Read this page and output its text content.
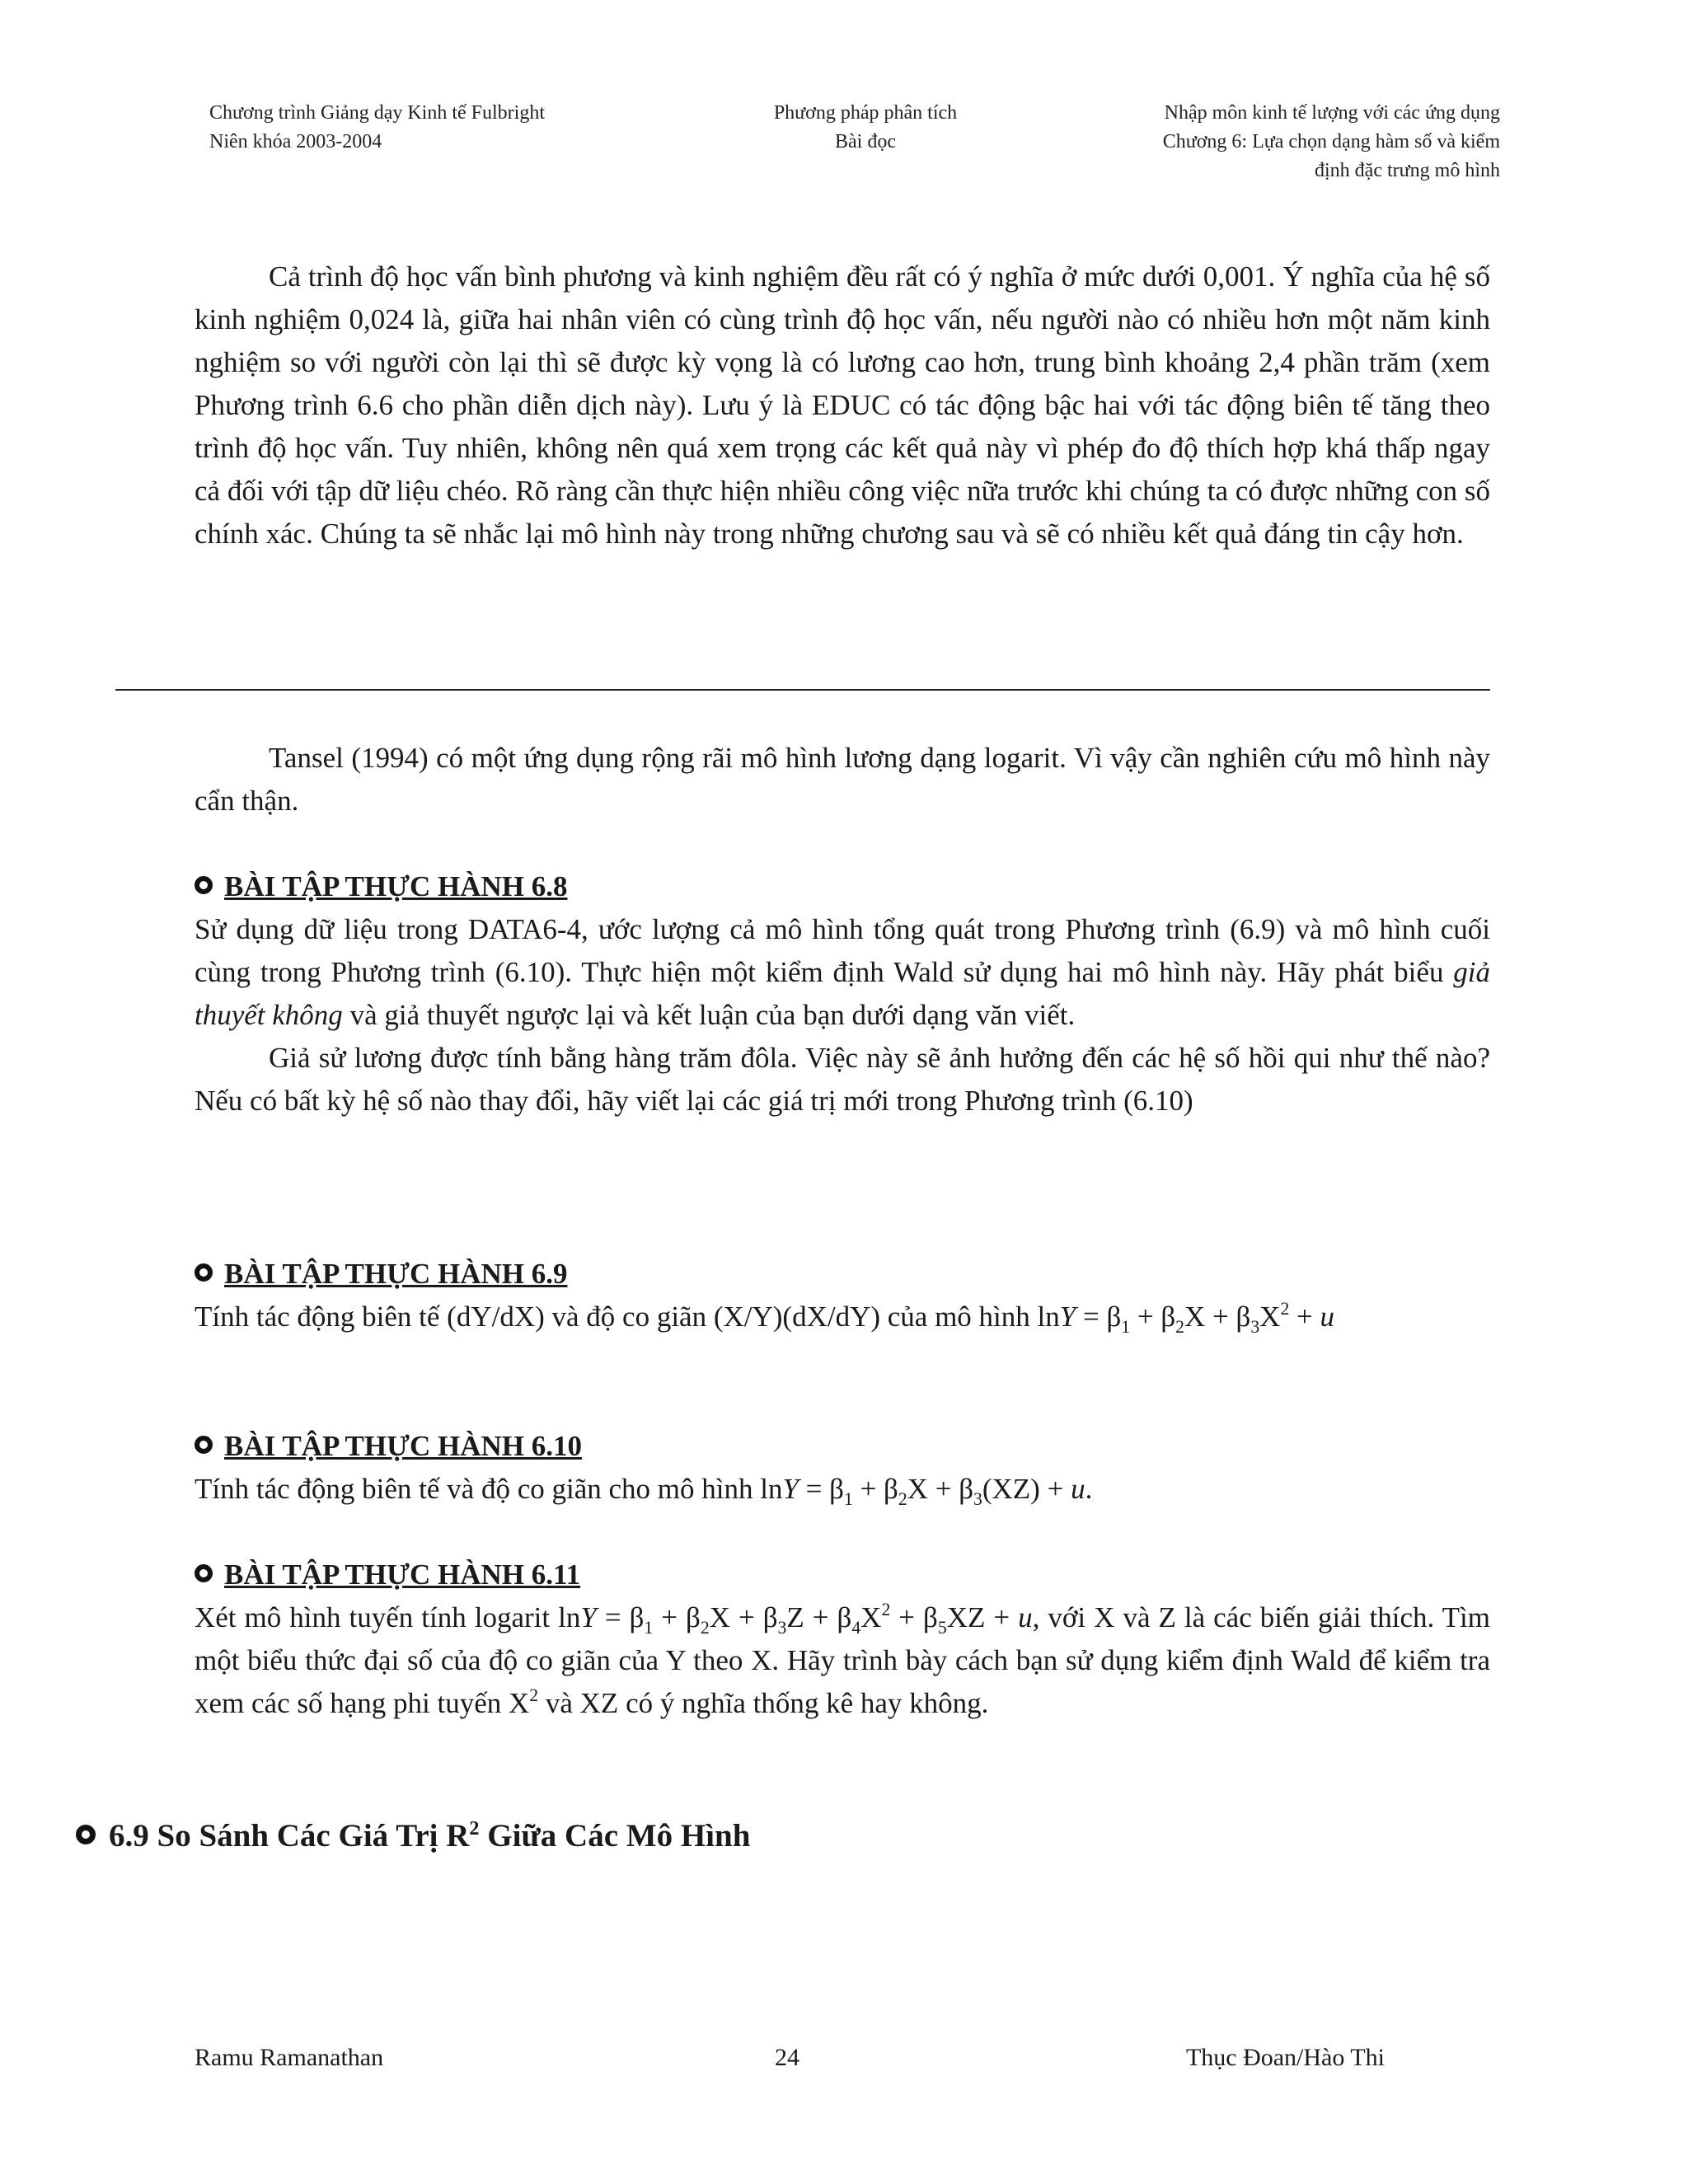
Chương trình Giảng dạy Kinh tế Fulbright
Niên khóa 2003-2004
Phương pháp phân tích
Bài đọc
Nhập môn kinh tế lượng với các ứng dụng
Chương 6: Lựa chọn dạng hàm số và kiểm
định đặc trưng mô hình

Cả trình độ học vấn bình phương và kinh nghiệm đều rất có ý nghĩa ở mức dưới 0,001. Ý nghĩa của hệ số kinh nghiệm 0,024 là, giữa hai nhân viên có cùng trình độ học vấn, nếu người nào có nhiều hơn một năm kinh nghiệm so với người còn lại thì sẽ được kỳ vọng là có lương cao hơn, trung bình khoảng 2,4 phần trăm (xem Phương trình 6.6 cho phần diễn dịch này). Lưu ý là EDUC có tác động bậc hai với tác động biên tế tăng theo trình độ học vấn. Tuy nhiên, không nên quá xem trọng các kết quả này vì phép đo độ thích hợp khá thấp ngay cả đối với tập dữ liệu chéo. Rõ ràng cần thực hiện nhiều công việc nữa trước khi chúng ta có được những con số chính xác. Chúng ta sẽ nhắc lại mô hình này trong những chương sau và sẽ có nhiều kết quả đáng tin cậy hơn.

Tansel (1994) có một ứng dụng rộng rãi mô hình lương dạng logarit. Vì vậy cần nghiên cứu mô hình này cẩn thận.

BÀI TẬP THỰC HÀNH 6.8

Sử dụng dữ liệu trong DATA6-4, ước lượng cả mô hình tổng quát trong Phương trình (6.9) và mô hình cuối cùng trong Phương trình (6.10). Thực hiện một kiểm định Wald sử dụng hai mô hình này. Hãy phát biểu giả thuyết không và giả thuyết ngược lại và kết luận của bạn dưới dạng văn viết.

Giả sử lương được tính bằng hàng trăm đôla. Việc này sẽ ảnh hưởng đến các hệ số hồi qui như thế nào? Nếu có bất kỳ hệ số nào thay đổi, hãy viết lại các giá trị mới trong Phương trình (6.10)

BÀI TẬP THỰC HÀNH 6.9

Tính tác động biên tế (dY/dX) và độ co giãn (X/Y)(dX/dY) của mô hình $\ln Y = \beta_1 + \beta_2X + \beta_3X^2 + u$

BÀI TẬP THỰC HÀNH 6.10

Tính tác động biên tế và độ co giãn cho mô hình $\ln Y = \beta_1 + \beta_2X + \beta_3(XZ) + u$.

BÀI TẬP THỰC HÀNH 6.11

Xét mô hình tuyến tính logarit $\ln Y = \beta_1 + \beta_2X + \beta_3Z + \beta_4X^2 + \beta_5XZ + u$, với X và Z là các biến giải thích. Tìm một biểu thức đại số của độ co giãn của Y theo X. Hãy trình bày cách bạn sử dụng kiểm định Wald để kiểm tra xem các số hạng phi tuyến $X^2$ và XZ có ý nghĩa thống kê hay không.

6.9 So Sánh Các Giá Trị $R^2$ Giữa Các Mô Hình
Ramu Ramanathan	24	Thục Đoan/Hào Thi
